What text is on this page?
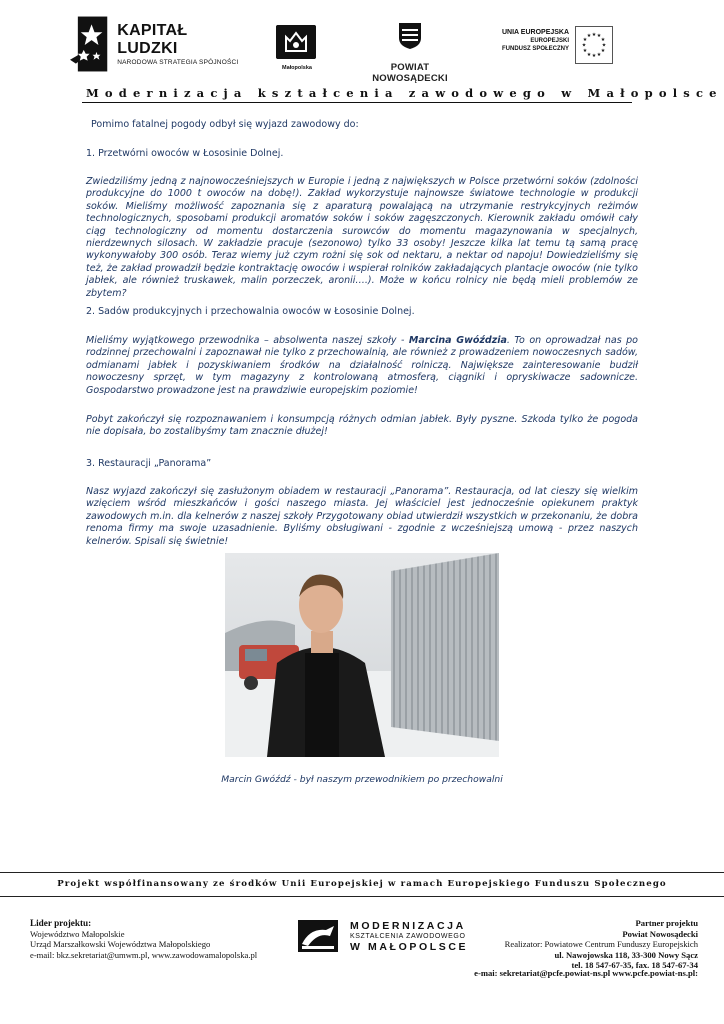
KAPITAŁ LUDZKI
NARODOWA STRATEGIA SPÓJNOŚCI
Małopolska	POWIAT NOWOSĄDECKI
UNIA EUROPEJSKA
EUROPEJSKI
FUNDUSZ SPOŁECZNY
★ ★
★
★
★
★
★
★
★
★
★
★
Modernizacja kształcenia zawodowego w Małopolsce
Pomimo fatalnej pogody odbył się wyjazd zawodowy do:
1. Przetwórni owoców w Łososinie Dolnej.
Zwiedziliśmy jedną z najnowocześniejszych w Europie i jedną z największych w Polsce przetwórni soków (zdolności produkcyjne do 1000 t owoców na dobę!). Zakład wykorzystuje najnowsze światowe technologie w produkcji soków. Mieliśmy możliwość zapoznania się z aparaturą powalającą na utrzymanie restrykcyjnych reżimów technologicznych, sposobami produkcji aromatów soków i soków zagęszczonych. Kierownik zakładu omówił cały ciąg technologiczny od momentu dostarczenia surowców do momentu magazynowania w specjalnych, nierdzewnych silosach. W zakładzie pracuje (sezonowo) tylko 33 osoby! Jeszcze kilka lat temu tą samą pracę wykonywałoby 300 osób. Teraz wiemy już czym rożni się sok od nektaru, a nektar od napoju! Dowiedzieliśmy się też, że zakład prowadził będzie kontraktację owoców i wspierał rolników zakładających plantacje owoców (nie tylko jabłek, ale również truskawek, malin porzeczek, aronii….). Może w końcu rolnicy nie będą mieli problemów ze zbytem?
2. Sadów produkcyjnych i przechowalnia owoców w Łososinie Dolnej.
Mieliśmy wyjątkowego przewodnika – absolwenta naszej szkoły - Marcina Gwóździa. To on oprowadzał nas po rodzinnej przechowalni i zapoznawał nie tylko z przechowalnią, ale również z prowadzeniem nowoczesnych sadów, odmianami jabłek i pozyskiwaniem środków na działalność rolniczą. Największe zainteresowanie budził nowoczesny sprzęt, w tym magazyny z kontrolowaną atmosferą, ciągniki i opryskiwacze sadownicze. Gospodarstwo prowadzone jest na prawdziwie europejskim poziomie!
Pobyt zakończył się rozpoznawaniem i konsumpcją różnych odmian jabłek. Były pyszne. Szkoda tylko że pogoda nie dopisała, bo zostalibyśmy tam znacznie dłużej!
3. Restauracji „Panorama”
Nasz wyjazd zakończył się zasłużonym obiadem w restauracji „Panorama”. Restauracja, od lat cieszy się wielkim wzięciem wśród mieszkańców i gości naszego miasta. Jej właściciel jest jednocześnie opiekunem praktyk zawodowych m.in. dla kelnerów z naszej szkoły Przygotowany obiad utwierdził wszystkich w przekonaniu, że dobra renoma firmy ma swoje uzasadnienie. Byliśmy obsługiwani - zgodnie z wcześniejszą umową - przez naszych kelnerów. Spisali się świetnie!
Marcin Gwóźdź - był naszym przewodnikiem po przechowalni
Projekt współfinansowany ze środków Unii Europejskiej w ramach Europejskiego Funduszu Społecznego
Lider projektu:
Województwo Małopolskie
Urząd Marszałkowski Województwa Małopolskiego
e-mail: bkz.sekretariat@umwm.pl, www.zawodowamalopolska.pl
MODERNIZACJA
KSZTAŁCENIA ZAWODOWEGO
W MAŁOPOLSCE
Partner projektu
Powiat Nowosądecki
Realizator: Powiatowe Centrum Funduszy Europejskich
ul. Nawojowska 118, 33-300 Nowy Sącz
tel. 18 547-67-35, fax. 18 547-67-34
e-mai: sekretariat@pcfe.powiat-ns.pl www.pcfe.powiat-ns.pl:
